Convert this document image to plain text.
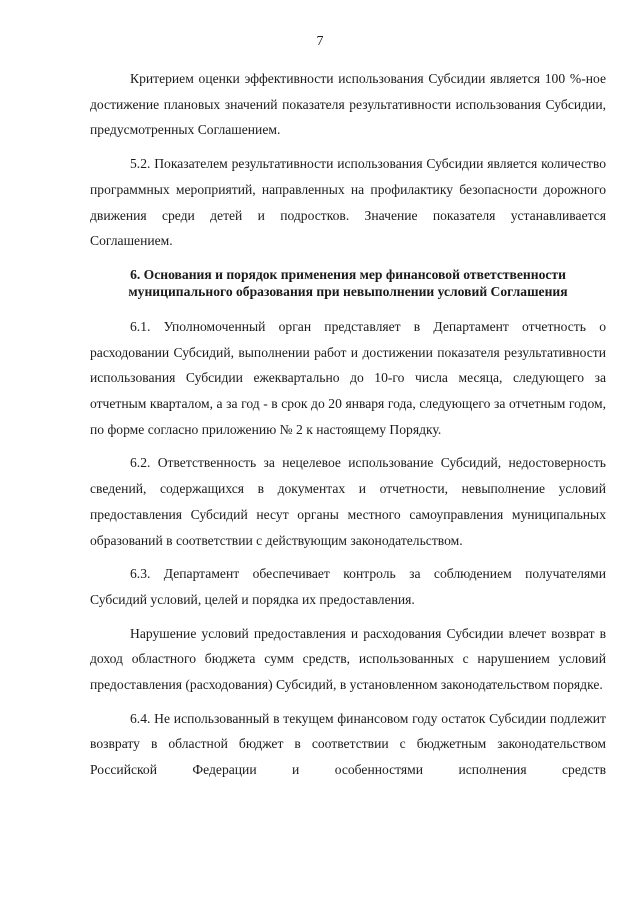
7

Критерием оценки эффективности использования Субсидии является 100 %-ное достижение плановых значений показателя результативности использования Субсидии, предусмотренных Соглашением.

5.2. Показателем результативности использования Субсидии является количество программных мероприятий, направленных на профилактику безопасности дорожного движения среди детей и подростков. Значение показателя устанавливается Соглашением.

6. Основания и порядок применения мер финансовой ответственности муниципального образования при невыполнении условий Соглашения

6.1. Уполномоченный орган представляет в Департамент отчетность о расходовании Субсидий, выполнении работ и достижении показателя результативности использования Субсидии ежеквартально до 10-го числа месяца, следующего за отчетным кварталом, а за год - в срок до 20 января года, следующего за отчетным годом, по форме согласно приложению № 2 к настоящему Порядку.

6.2. Ответственность за нецелевое использование Субсидий, недостоверность сведений, содержащихся в документах и отчетности, невыполнение условий предоставления Субсидий несут органы местного самоуправления муниципальных образований в соответствии с действующим законодательством.

6.3. Департамент обеспечивает контроль за соблюдением получателями Субсидий условий, целей и порядка их предоставления.

Нарушение условий предоставления и расходования Субсидии влечет возврат в доход областного бюджета сумм средств, использованных с нарушением условий предоставления (расходования) Субсидий, в установленном законодательством порядке.

6.4. Не использованный в текущем финансовом году остаток Субсидии подлежит возврату в областной бюджет в соответствии с бюджетным законодательством Российской Федерации и особенностями исполнения средств
